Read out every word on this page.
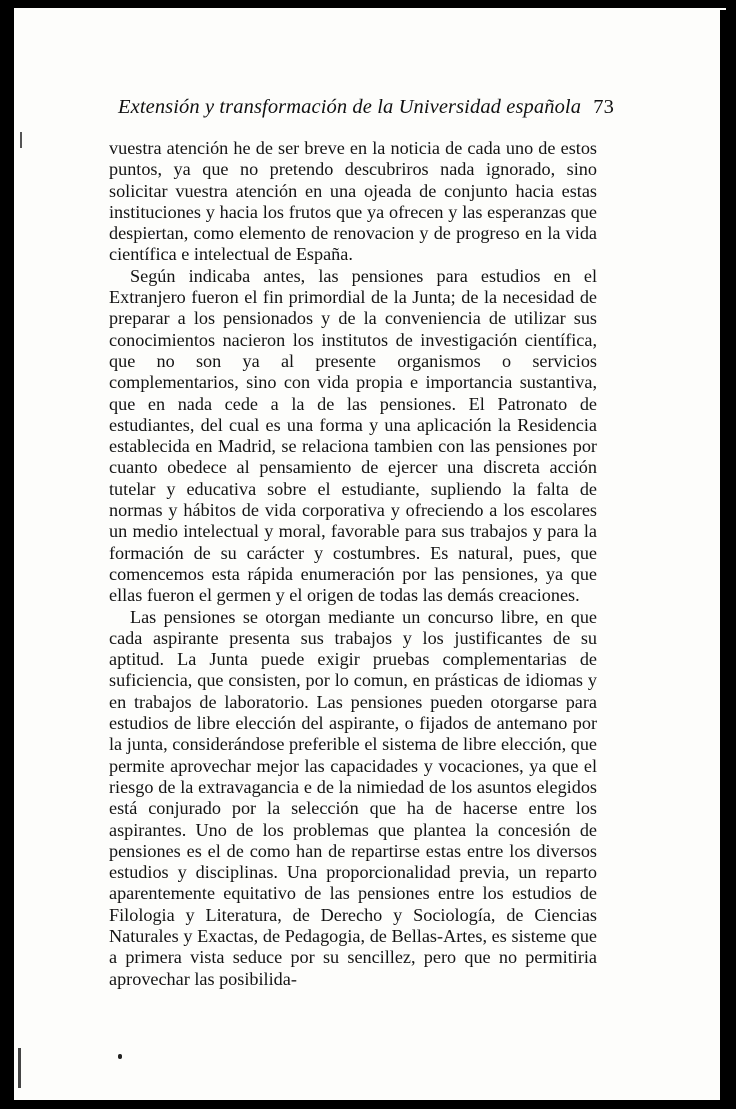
Extensión y transformación de la Universidad española 73

vuestra atención he de ser breve en la noticia de cada uno de estos puntos, ya que no pretendo descubriros nada ignorado, sino solicitar vuestra atención en una ojeada de conjunto hacia estas instituciones y hacia los frutos que ya ofrecen y las esperanzas que despiertan, como elemento de renovacion y de progreso en la vida científica e intelectual de España.

Según indicaba antes, las pensiones para estudios en el Extranjero fueron el fin primordial de la Junta; de la necesidad de preparar a los pensionados y de la conveniencia de utilizar sus conocimientos nacieron los institutos de investigación científica, que no son ya al presente organismos o servicios complementarios, sino con vida propia e importancia sustantiva, que en nada cede a la de las pensiones. El Patronato de estudiantes, del cual es una forma y una aplicación la Residencia establecida en Madrid, se relaciona tambien con las pensiones por cuanto obedece al pensamiento de ejercer una discreta acción tutelar y educativa sobre el estudiante, supliendo la falta de normas y hábitos de vida corporativa y ofreciendo a los escolares un medio intelectual y moral, favorable para sus trabajos y para la formación de su carácter y costumbres. Es natural, pues, que comencemos esta rápida enumeración por las pensiones, ya que ellas fueron el germen y el origen de todas las demás creaciones.

Las pensiones se otorgan mediante un concurso libre, en que cada aspirante presenta sus trabajos y los justificantes de su aptitud. La Junta puede exigir pruebas complementarias de suficiencia, que consisten, por lo comun, en prásticas de idiomas y en trabajos de laboratorio. Las pensiones pueden otorgarse para estudios de libre elección del aspirante, o fijados de antemano por la junta, considerándose preferible el sistema de libre elección, que permite aprovechar mejor las capacidades y vocaciones, ya que el riesgo de la extravagancia e de la nimiedad de los asuntos elegidos está conjurado por la selección que ha de hacerse entre los aspirantes. Uno de los problemas que plantea la concesión de pensiones es el de como han de repartirse estas entre los diversos estudios y disciplinas. Una proporcionalidad previa, un reparto aparentemente equitativo de las pensiones entre los estudios de Filologia y Literatura, de Derecho y Sociología, de Ciencias Naturales y Exactas, de Pedagogia, de Bellas-Artes, es sisteme que a primera vista seduce por su sencillez, pero que no permitiria aprovechar las posibilida-
